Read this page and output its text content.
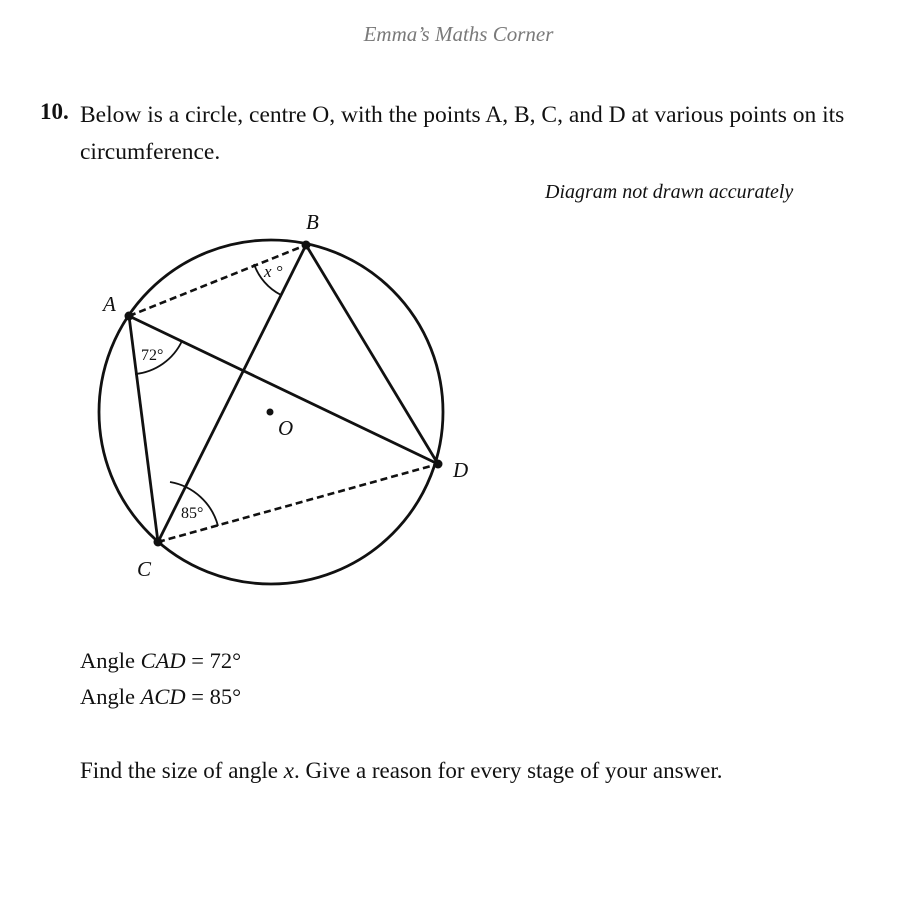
Emma’s Maths Corner
10. Below is a circle, centre O, with the points A, B, C, and D at various points on its
circumference.
Diagram not drawn accurately
A
B
C
D
O
x °
72°
85°
Angle CAD = 72°
Angle ACD = 85°
Find the size of angle x. Give a reason for every stage of your answer.
